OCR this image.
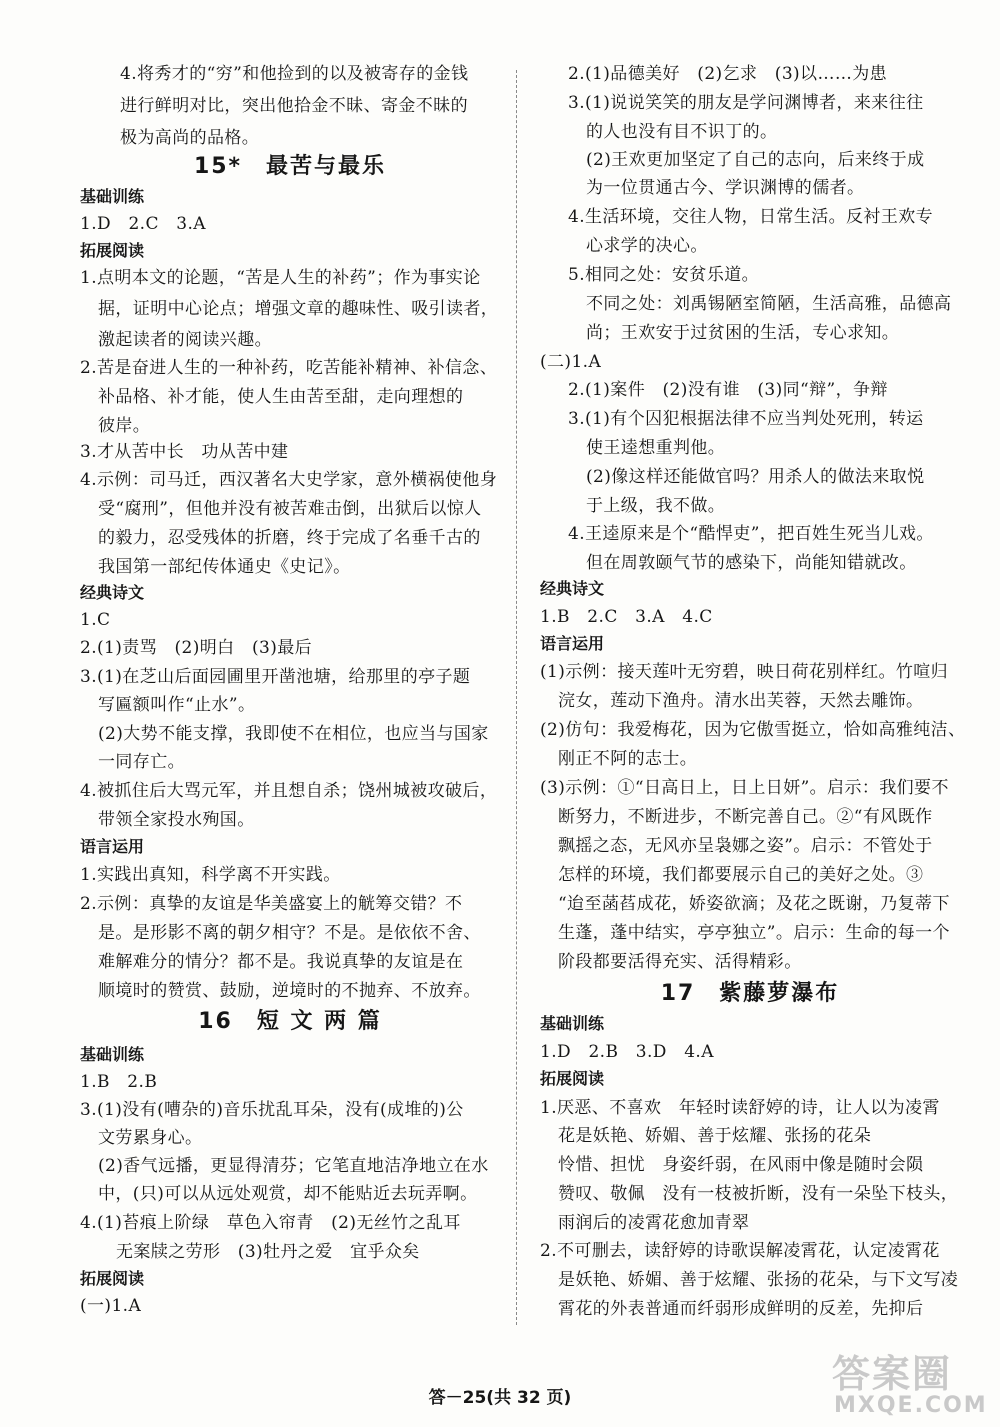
4.将秀才的“穷”和他捡到的以及被寄存的金钱
进行鲜明对比，突出他拾金不昧、寄金不昧的
极为高尚的品格。
15*　最苦与最乐
基础训练
1.D　2.C　3.A
拓展阅读
1.点明本文的论题，“苦是人生的补药”；作为事实论
据，证明中心论点；增强文章的趣味性、吸引读者，
激起读者的阅读兴趣。
2.苦是奋进人生的一种补药，吃苦能补精神、补信念、
补品格、补才能，使人生由苦至甜，走向理想的
彼岸。
3.才从苦中长　功从苦中建
4.示例：司马迁，西汉著名大史学家，意外横祸使他身
受“腐刑”，但他并没有被苦难击倒，出狱后以惊人
的毅力，忍受残体的折磨，终于完成了名垂千古的
我国第一部纪传体通史《史记》。
经典诗文
1.C
2.(1)责骂　(2)明白　(3)最后
3.(1)在芝山后面园圃里开凿池塘，给那里的亭子题
写匾额叫作“止水”。
(2)大势不能支撑，我即使不在相位，也应当与国家
一同存亡。
4.被抓住后大骂元军，并且想自杀；饶州城被攻破后，
带领全家投水殉国。
语言运用
1.实践出真知，科学离不开实践。
2.示例：真挚的友谊是华美盛宴上的觥筹交错？不
是。是形影不离的朝夕相守？不是。是依依不舍、
难解难分的情分？都不是。我说真挚的友谊是在
顺境时的赞赏、鼓励，逆境时的不抛弃、不放弃。
16　短 文 两 篇
基础训练
1.B　2.B
3.(1)没有(嘈杂的)音乐扰乱耳朵，没有(成堆的)公
文劳累身心。
(2)香气远播，更显得清芬；它笔直地洁净地立在水
中，(只)可以从远处观赏，却不能贴近去玩弄啊。
4.(1)苔痕上阶绿　草色入帘青　(2)无丝竹之乱耳
无案牍之劳形　(3)牡丹之爱　宜乎众矣
拓展阅读
(一)1.A
2.(1)品德美好　(2)乞求　(3)以……为患
3.(1)说说笑笑的朋友是学问渊博者，来来往往
的人也没有目不识丁的。
(2)王欢更加坚定了自己的志向，后来终于成
为一位贯通古今、学识渊博的儒者。
4.生活环境，交往人物，日常生活。反衬王欢专
心求学的决心。
5.相同之处：安贫乐道。
不同之处：刘禹锡陋室简陋，生活高雅，品德高
尚；王欢安于过贫困的生活，专心求知。
(二)1.A
2.(1)案件　(2)没有谁　(3)同“辩”，争辩
3.(1)有个囚犯根据法律不应当判处死刑，转运
使王逵想重判他。
(2)像这样还能做官吗？用杀人的做法来取悦
于上级，我不做。
4.王逵原来是个“酷悍吏”，把百姓生死当儿戏。
但在周敦颐气节的感染下，尚能知错就改。
经典诗文
1.B　2.C　3.A　4.C
语言运用
(1)示例：接天莲叶无穷碧，映日荷花别样红。竹喧归
浣女，莲动下渔舟。清水出芙蓉，天然去雕饰。
(2)仿句：我爱梅花，因为它傲雪挺立，恰如高雅纯洁、
刚正不阿的志士。
(3)示例：①“日高日上，日上日妍”。启示：我们要不
断努力，不断进步，不断完善自己。②“有风既作
飘摇之态，无风亦呈袅娜之姿”。启示：不管处于
怎样的环境，我们都要展示自己的美好之处。③
“迨至菡萏成花，娇姿欲滴；及花之既谢，乃复蒂下
生蓬，蓬中结实，亭亭独立”。启示：生命的每一个
阶段都要活得充实、活得精彩。
17　紫藤萝瀑布
基础训练
1.D　2.B　3.D　4.A
拓展阅读
1.厌恶、不喜欢　年轻时读舒婷的诗，让人以为凌霄
花是妖艳、娇媚、善于炫耀、张扬的花朵
怜惜、担忧　身姿纤弱，在风雨中像是随时会陨
赞叹、敬佩　没有一枝被折断，没有一朵坠下枝头，
雨润后的凌霄花愈加青翠
2.不可删去，读舒婷的诗歌误解凌霄花，认定凌霄花
是妖艳、娇媚、善于炫耀、张扬的花朵，与下文写凌
霄花的外表普通而纤弱形成鲜明的反差，先抑后
答－25(共 32 页)
答案圈
MXQE.COM
